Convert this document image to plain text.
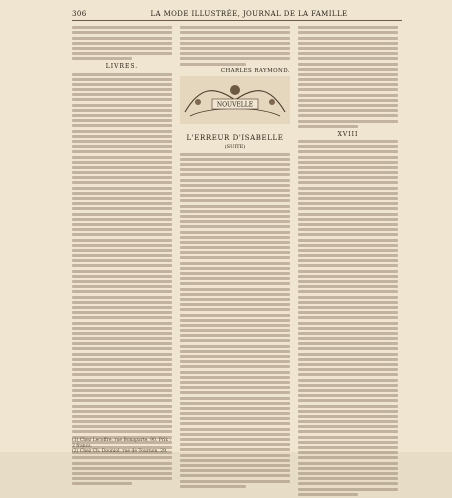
306	LA MODE ILLUSTRÉE, JOURNAL DE LA FAMILLE
LIVRES.
CHARLES RAYMOND.
NOUVELLE
L'ERREUR D'ISABELLE
(SUITE)
XVIII
(1) Chez Lecoffre, rue Bonaparte, 90. Prix : 2 francs.
(2) Chez Ch. Douniol, rue de Tournon, 29.
